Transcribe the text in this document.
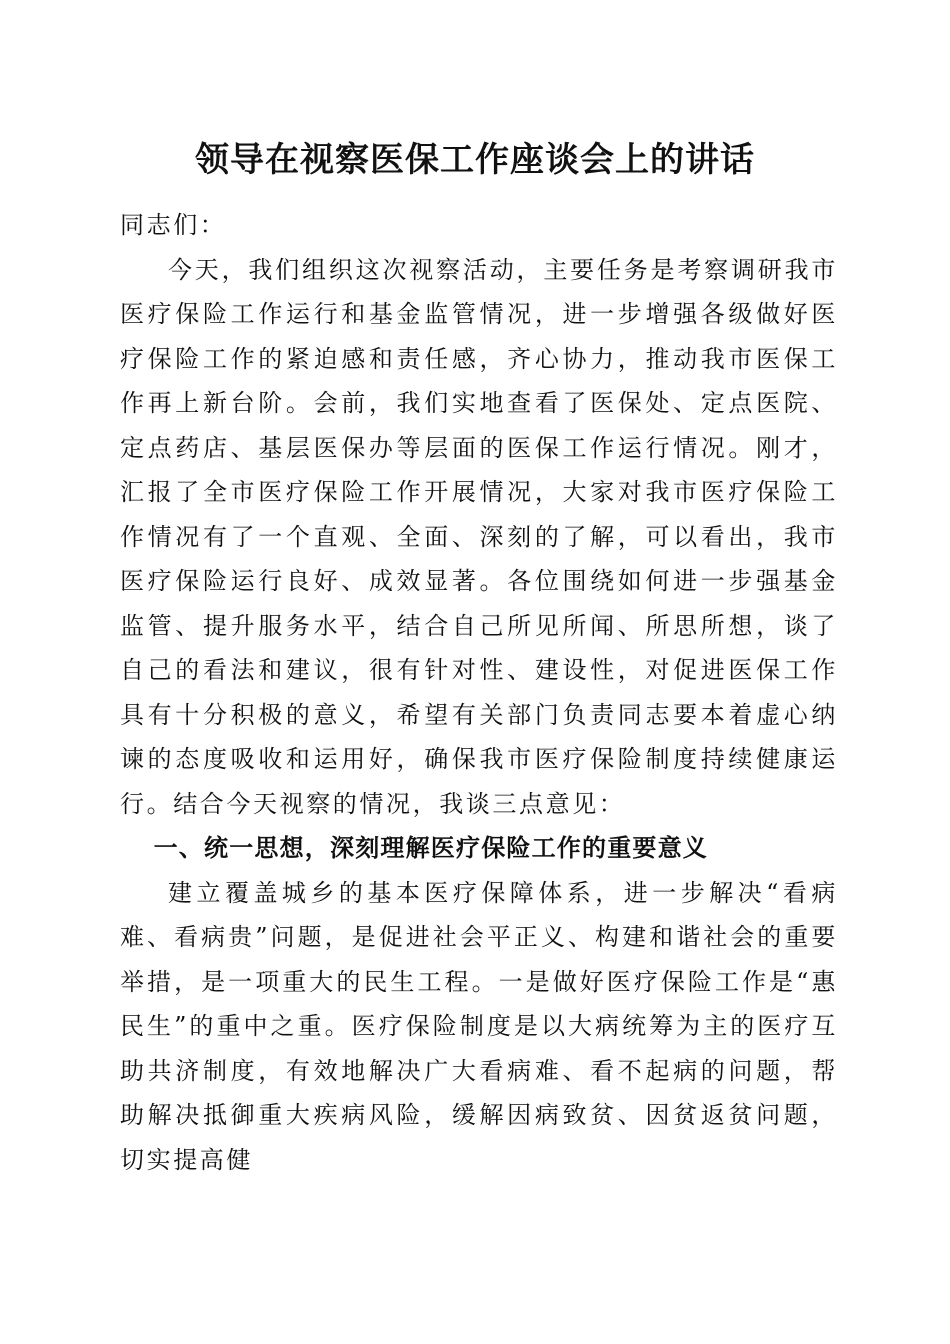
领导在视察医保工作座谈会上的讲话

同志们：

今天，我们组织这次视察活动，主要任务是考察调研我市医疗保险工作运行和基金监管情况，进一步增强各级做好医疗保险工作的紧迫感和责任感，齐心协力，推动我市医保工作再上新台阶。会前，我们实地查看了医保处、定点医院、定点药店、基层医保办等层面的医保工作运行情况。刚才，汇报了全市医疗保险工作开展情况，大家对我市医疗保险工作情况有了一个直观、全面、深刻的了解，可以看出，我市医疗保险运行良好、成效显著。各位围绕如何进一步强基金监管、提升服务水平，结合自己所见所闻、所思所想，谈了自己的看法和建议，很有针对性、建设性，对促进医保工作具有十分积极的意义，希望有关部门负责同志要本着虚心纳谏的态度吸收和运用好，确保我市医疗保险制度持续健康运行。结合今天视察的情况，我谈三点意见：

一、统一思想，深刻理解医疗保险工作的重要意义

建立覆盖城乡的基本医疗保障体系，进一步解决“看病难、看病贵”问题，是促进社会平正义、构建和谐社会的重要举措，是一项重大的民生工程。一是做好医疗保险工作是“惠民生”的重中之重。医疗保险制度是以大病统筹为主的医疗互助共济制度，有效地解决广大看病难、看不起病的问题，帮助解决抵御重大疾病风险，缓解因病致贫、因贫返贫问题，切实提高健
